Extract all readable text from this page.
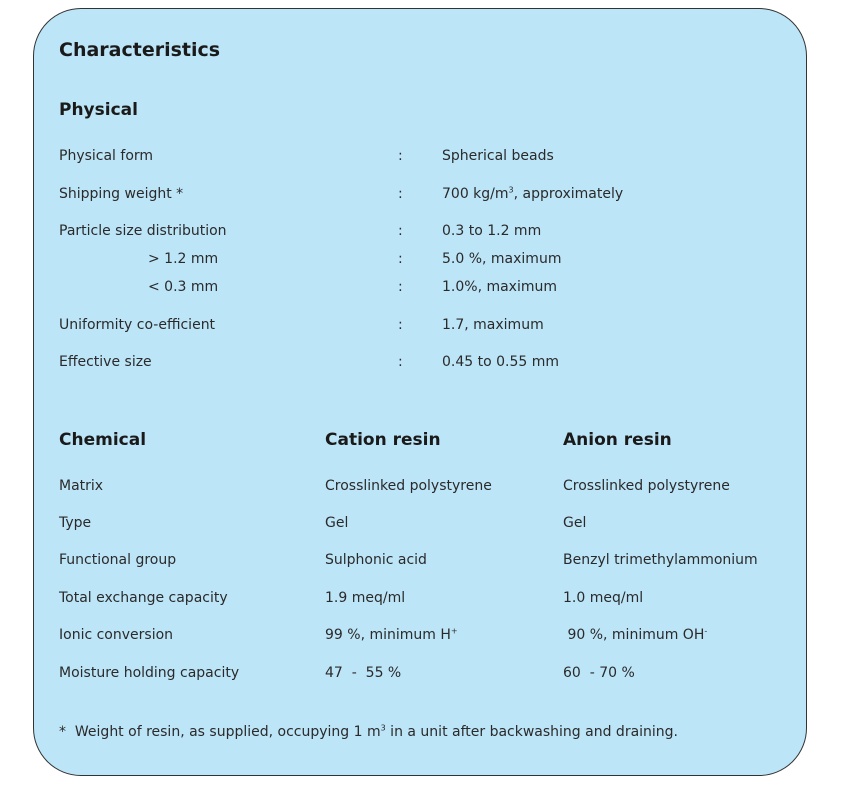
Characteristics
Physical
Physical form	:	Spherical beads
Shipping weight *	:	700 $kg/m^3$, approximately
Particle size distribution	:	0.3 to 1.2 mm
> 1.2 mm	:	5.0 %, maximum
< 0.3 mm	:	1.0%, maximum
Uniformity co-efficient	:	1.7, maximum
Effective size	:	0.45 to 0.55 mm
Chemical	Cation resin	Anion resin
Matrix	Crosslinked polystyrene	Crosslinked polystyrene
Type	Gel	Gel
Functional group	Sulphonic acid	Benzyl trimethylammonium
Total exchange capacity	1.9 meq/ml	1.0 meq/ml
Ionic conversion	99 %, minimum H+	90 %, minimum OH-
Moisture holding capacity	47  -  55 %	60  - 70 %
*  Weight of resin, as supplied, occupying 1 $m^3$ in a unit after backwashing and draining.
